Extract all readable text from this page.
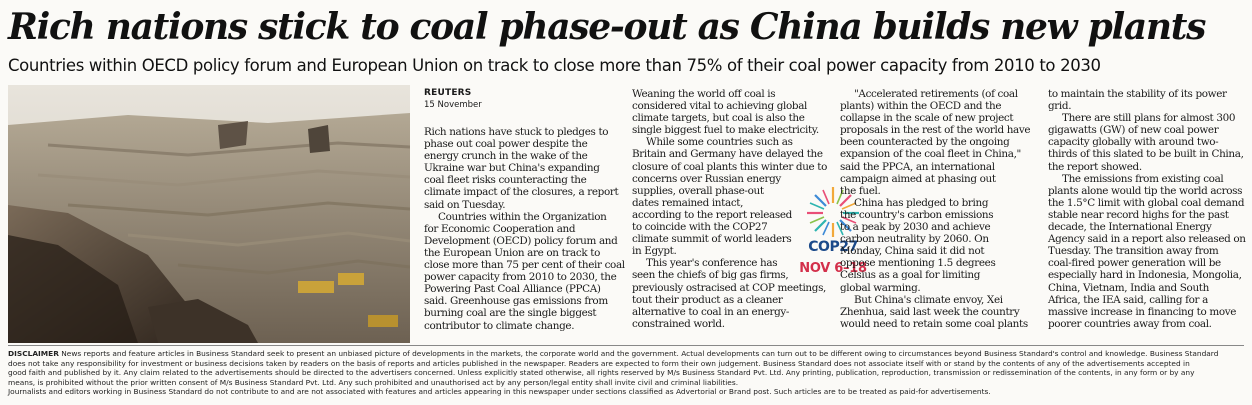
Rich nations stick to coal phase-out as China builds new plants
Countries within OECD policy forum and European Union on track to close more than 75% of their coal power capacity from 2010 to 2030
REUTERS
15 November

Rich nations have stuck to pledges to

phase out coal power despite the

energy crunch in the wake of the

Ukraine war but China's expanding

coal fleet risks counteracting the

climate impact of the closures, a report

said on Tuesday.

Countries within the Organization

for Economic Cooperation and

Development (OECD) policy forum and

the European Union are on track to

close more than 75 per cent of their coal

power capacity from 2010 to 2030, the

Powering Past Coal Alliance (PPCA)

said. Greenhouse gas emissions from

burning coal are the single biggest

contributor to climate change.

Weaning the world off coal is

considered vital to achieving global

climate targets, but coal is also the

single biggest fuel to make electricity.

While some countries such as

Britain and Germany have delayed the

closure of coal plants this winter due to

concerns over Russian energy

supplies, overall phase-out

dates remained intact,

according to the report released

to coincide with the COP27

climate summit of world leaders

in Egypt.

This year's conference has

seen the chiefs of big gas firms,

previously ostracised at COP meetings,

tout their product as a cleaner

alternative to coal in an energy-

constrained world.

COP27
NOV 6–18

"Accelerated retirements (of coal

plants) within the OECD and the

collapse in the scale of new project

proposals in the rest of the world have

been counteracted by the ongoing

expansion of the coal fleet in China,"

said the PPCA, an international

campaign aimed at phasing out

the fuel.

China has pledged to bring

the country's carbon emissions

to a peak by 2030 and achieve

carbon neutrality by 2060. On

Monday, China said it did not

oppose mentioning 1.5 degrees

Celsius as a goal for limiting

global warming.

But China's climate envoy, Xei

Zhenhua, said last week the country

would need to retain some coal plants

to maintain the stability of its power

grid.

There are still plans for almost 300

gigawatts (GW) of new coal power

capacity globally with around two-

thirds of this slated to be built in China,

the report showed.

The emissions from existing coal

plants alone would tip the world across

the 1.5°C limit with global coal demand

stable near record highs for the past

decade, the International Energy

Agency said in a report also released on

Tuesday. The transition away from

coal-fired power generation will be

especially hard in Indonesia, Mongolia,

China, Vietnam, India and South

Africa, the IEA said, calling for a

massive increase in financing to move

poorer countries away from coal.

DISCLAIMER News reports and feature articles in Business Standard seek to present an unbiased picture of developments in the markets, the corporate world and the government. Actual developments can turn out to be different owing to circumstances beyond Business Standard's control and knowledge. Business Standard

does not take any responsibility for investment or business decisions taken by readers on the basis of reports and articles published in the newspaper. Readers are expected to form their own judgement. Business Standard does not associate itself with or stand by the contents of any of the advertisements accepted in

good faith and published by it. Any claim related to the advertisements should be directed to the advertisers concerned. Unless explicitly stated otherwise, all rights reserved by M/s Business Standard Pvt. Ltd. Any printing, publication, reproduction, transmission or redissemination of the contents, in any form or by any

means, is prohibited without the prior written consent of M/s Business Standard Pvt. Ltd. Any such prohibited and unauthorised act by any person/legal entity shall invite civil and criminal liabilities.

Journalists and editors working in Business Standard do not contribute to and are not associated with features and articles appearing in this newspaper under sections classified as Advertorial or Brand post. Such articles are to be treated as paid-for advertisements.
